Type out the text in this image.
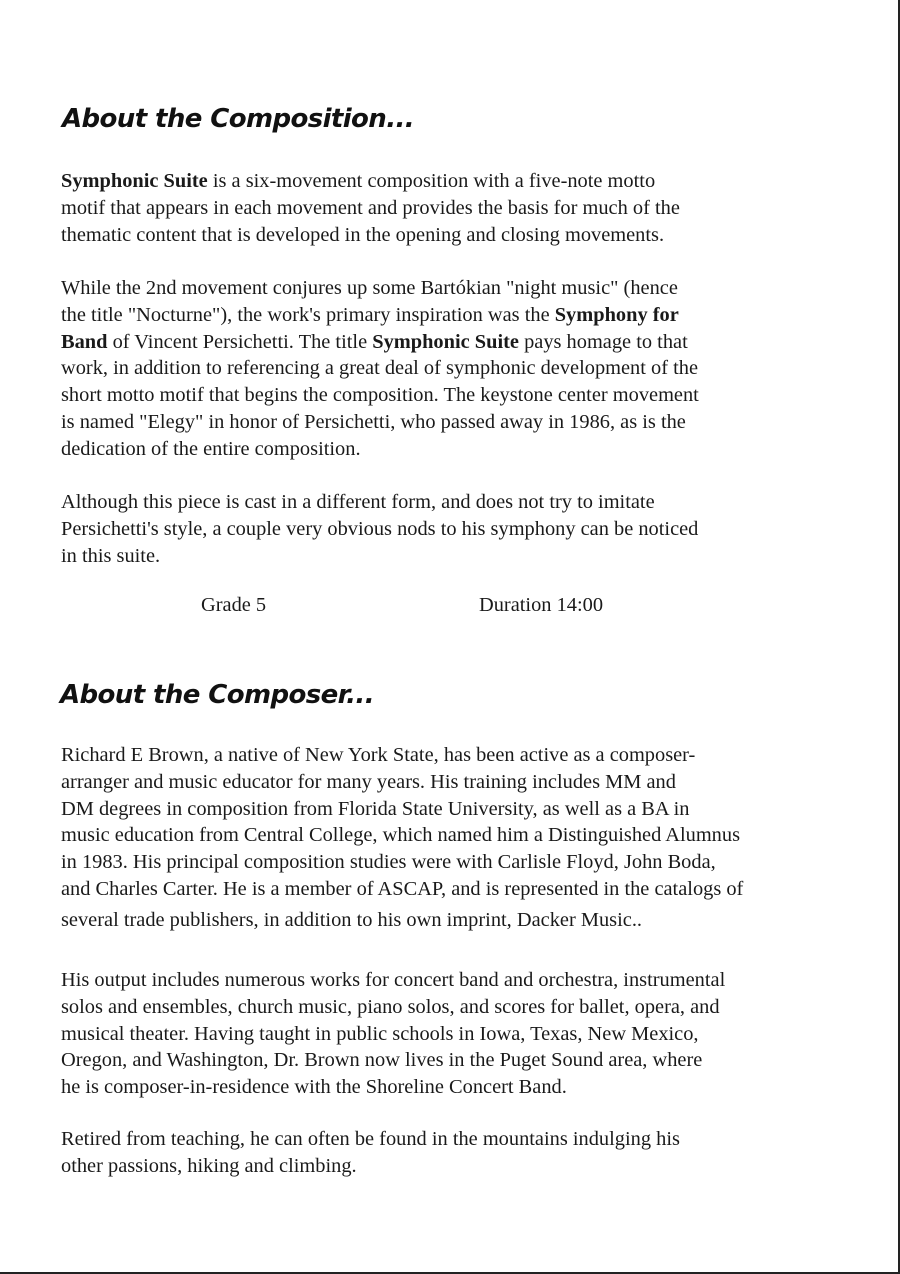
About the Composition...
Symphonic Suite is a six-movement composition with a five-note motto
motif that appears in each movement and provides the basis for much of the
thematic content that is developed in the opening and closing movements.
While the 2nd movement conjures up some Bartókian "night music" (hence
the title "Nocturne"), the work's primary inspiration was the Symphony for
Band of Vincent Persichetti. The title Symphonic Suite pays homage to that
work, in addition to referencing a great deal of symphonic development of the
short motto motif that begins the composition. The keystone center movement
is named "Elegy" in honor of Persichetti, who passed away in 1986, as is the
dedication of the entire composition.
Although this piece is cast in a different form, and does not try to imitate
Persichetti's style, a couple very obvious nods to his symphony can be noticed
in this suite.
Grade 5	Duration 14:00
About the Composer...
Richard E Brown, a native of New York State, has been active as a composer-
arranger and music educator for many years. His training includes MM and
DM degrees in composition from Florida State University, as well as a BA in
music education from Central College, which named him a Distinguished Alumnus
in 1983. His principal composition studies were with Carlisle Floyd, John Boda,
and Charles Carter. He is a member of ASCAP, and is represented in the catalogs of
several trade publishers, in addition to his own imprint, Dacker Music..
His output includes numerous works for concert band and orchestra, instrumental
solos and ensembles, church music, piano solos, and scores for ballet, opera, and
musical theater. Having taught in public schools in Iowa, Texas, New Mexico,
Oregon, and Washington, Dr. Brown now lives in the Puget Sound area, where
he is composer-in-residence with the Shoreline Concert Band.
Retired from teaching, he can often be found in the mountains indulging his
other passions, hiking and climbing.
